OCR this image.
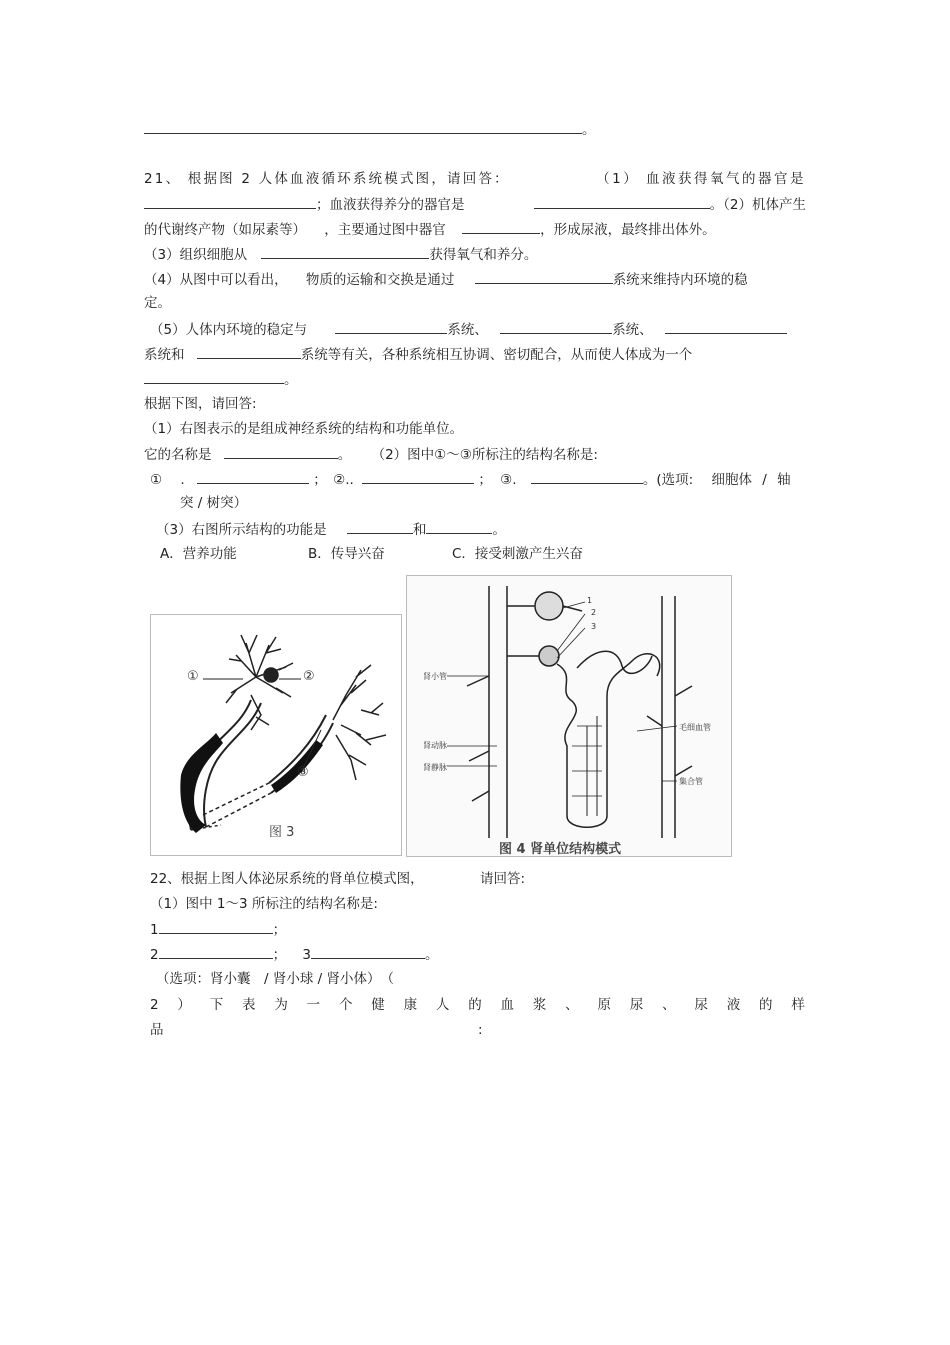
。
21、 根据图 2 人体血液循环系统模式图，请回答：	（1） 血液获得氧气的器官是
；血液获得养分的器官是	。（2）机体产生
的代谢终产物（如尿素等） ，主要通过图中器官	，形成尿液，最终排出体外。
（3）组织细胞从	获得氧气和养分。
（4）从图中可以看出， 物质的运输和交换是通过	系统来维持内环境的稳
定。
（5）人体内环境的稳定与	系统、	系统、
系统和	系统等有关，各种系统相互协调、密切配合，从而使人体成为一个
。
根据下图，请回答:
（1）右图表示的是组成神经系统的结构和功能单位。
它的名称是	。 （2）图中①～③所标注的结构名称是:
① .	； ②..	； ③.	。(选项: 细胞体 / 轴
突 / 树突）
（3）右图所示结构的功能是	和	。
A．营养功能	B．传导兴奋	C．接受刺激产生兴奋
①	②
③
图 3
1
2
3
肾小管
肾动脉
肾静脉
毛细血管
集合管
图 4 肾单位结构模式
22、根据上图人体泌尿系统的肾单位模式图，	请回答:
（1）图中 1～3 所标注的结构名称是:
1	；
2	； 3	。
（选项：肾小囊　/ 肾小球 / 肾小体）　（
2 ） 下 表 为 一 个 健 康 人 的 血 浆 、 原 尿 、 尿 液 的 样
品	:
